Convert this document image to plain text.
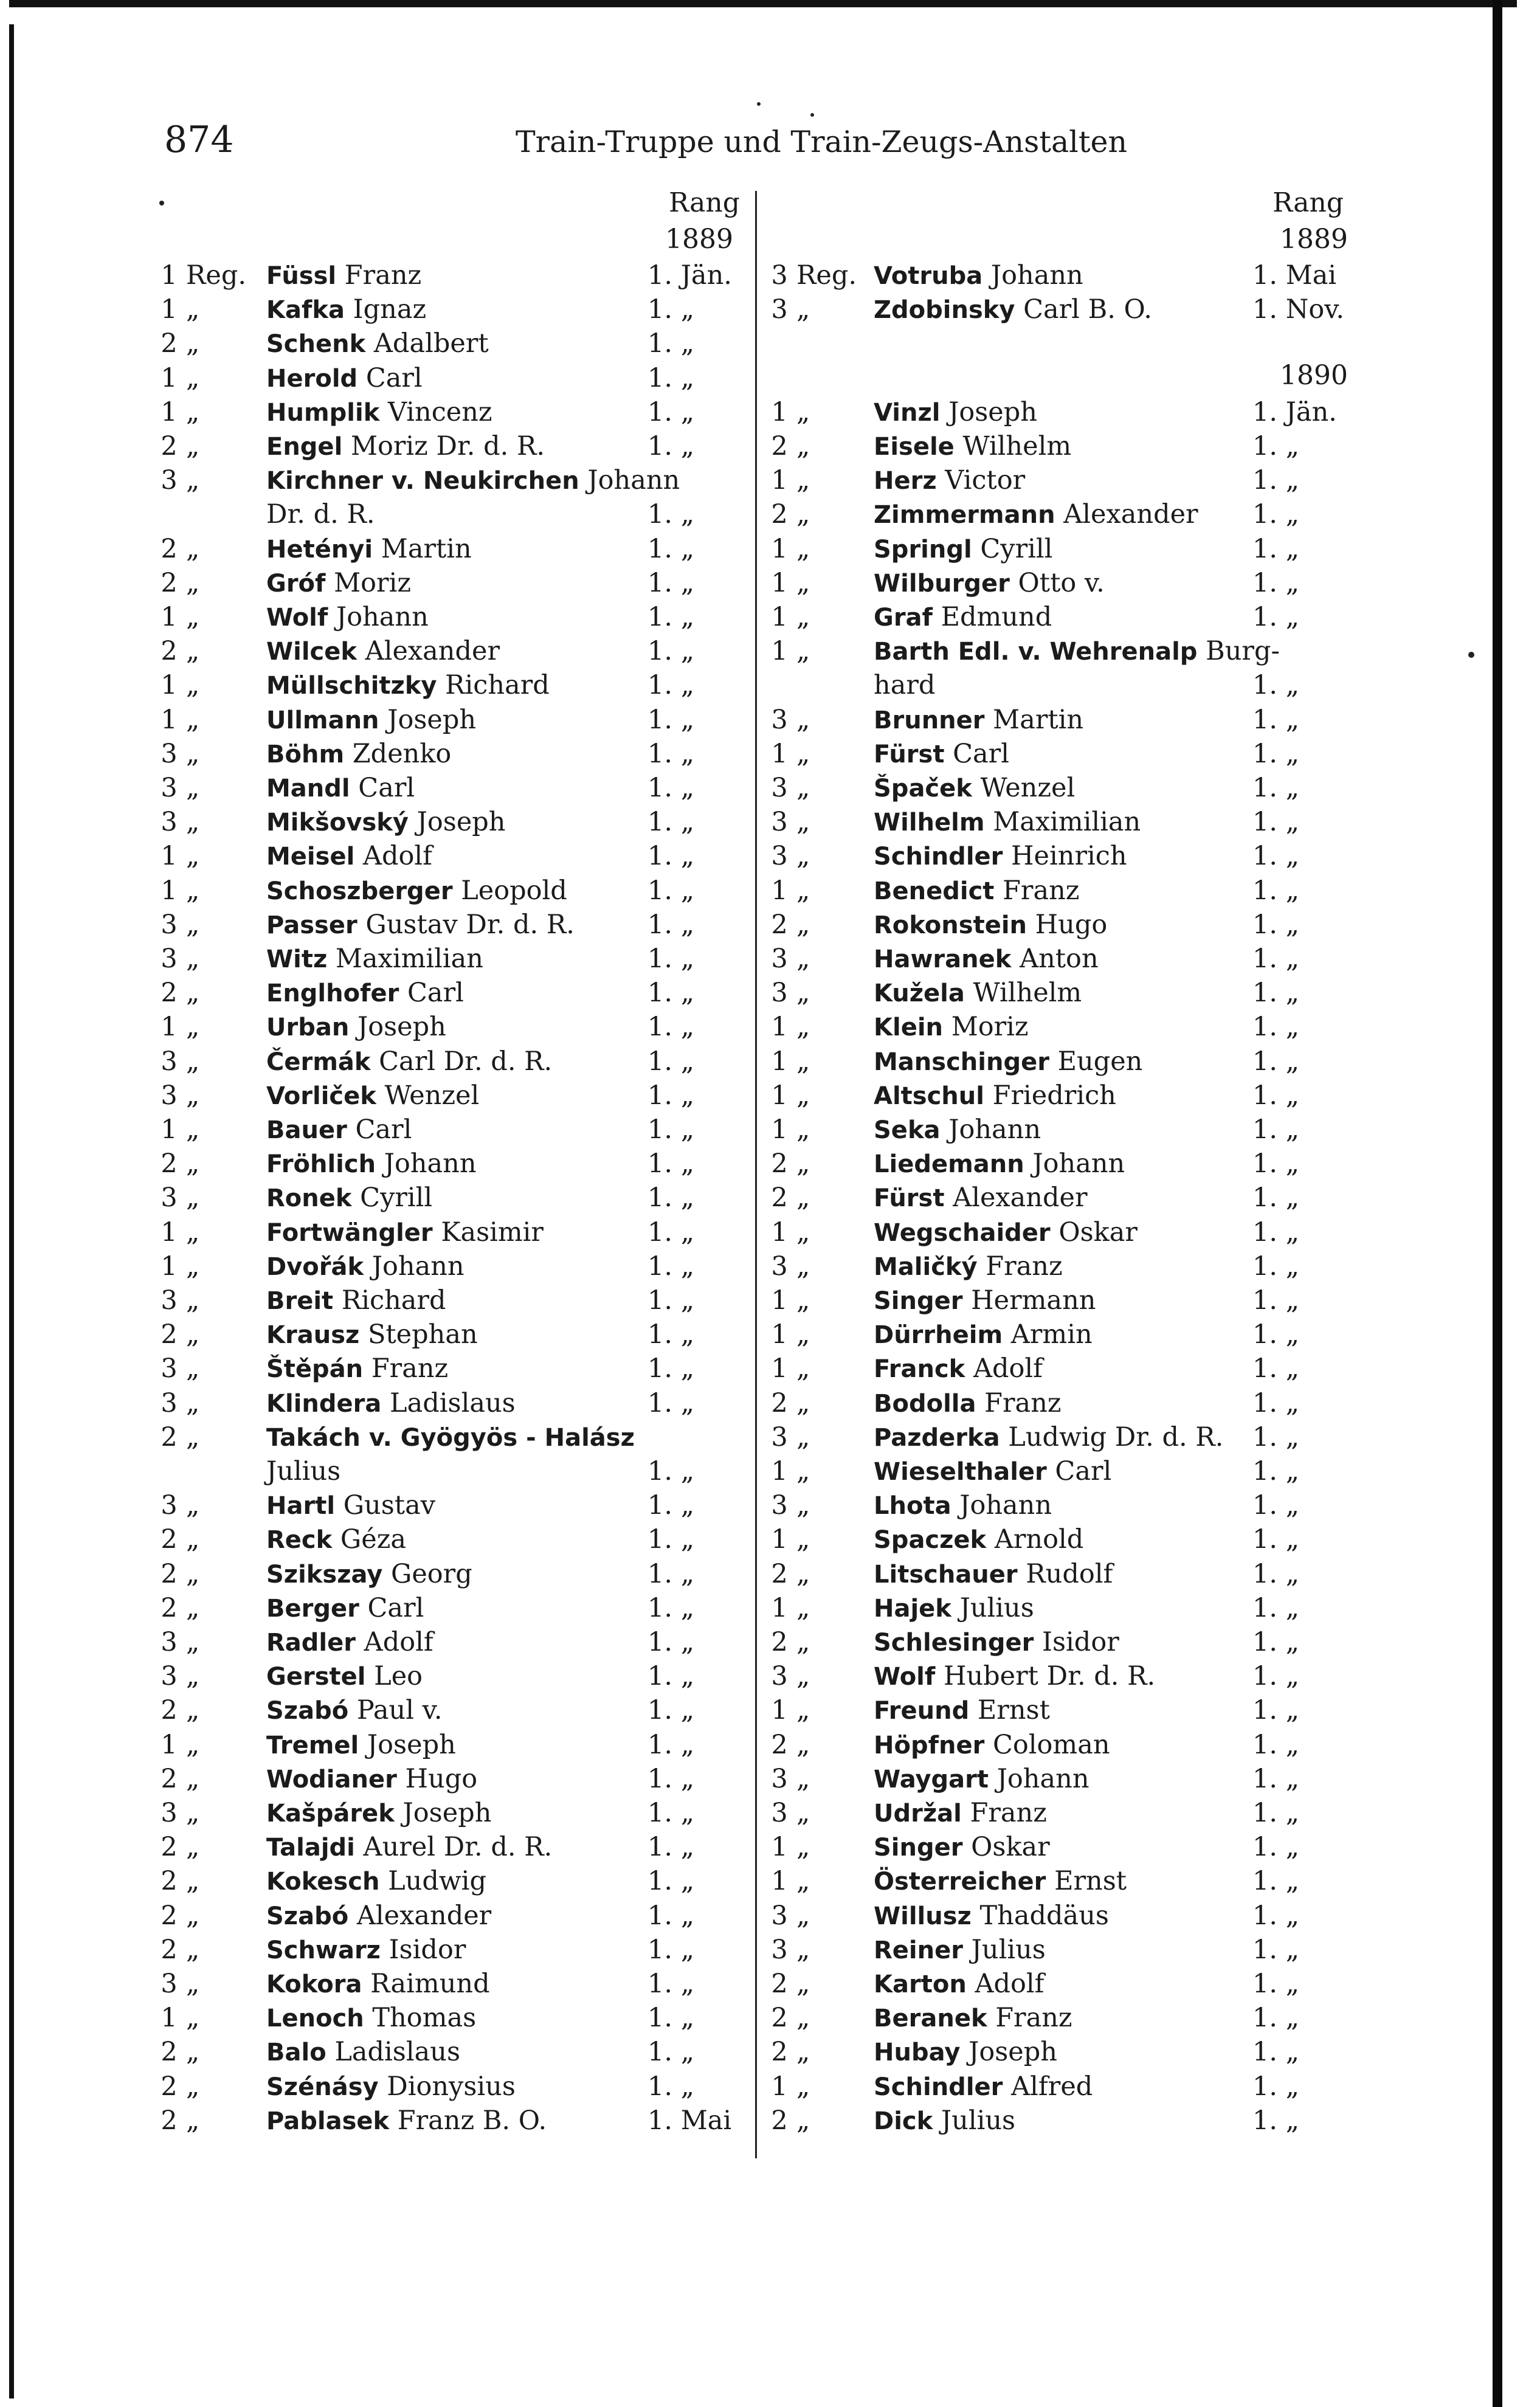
874	Train-Truppe und Train-Zeugs-Anstalten
Rang
1889
Rang
1889
1890
1 Reg. Füssl Franz	1. Jän.
1 „	Kafka Ignaz	1. „
2 „	Schenk Adalbert	1. „
1 „	Herold Carl	1. „
1 „	Humplik Vincenz	1. „
2 „	Engel Moriz Dr. d. R.	1. „
3 „	Kirchner v. Neukirchen Johann
Dr. d. R.	1. „
2 „	Hetényi Martin	1. „
2 „	Gróf Moriz	1. „
1 „	Wolf Johann	1. „
2 „	Wilcek Alexander	1. „
1 „	Müllschitzky Richard	1. „
1 „	Ullmann Joseph	1. „
3 „	Böhm Zdenko	1. „
3 „	Mandl Carl	1. „
3 „	Mikšovský Joseph	1. „
1 „	Meisel Adolf	1. „
1 „	Schoszberger Leopold	1. „
3 „	Passer Gustav Dr. d. R.	1. „
3 „	Witz Maximilian	1. „
2 „	Englhofer Carl	1. „
1 „	Urban Joseph	1. „
3 „	Čermák Carl Dr. d. R.	1. „
3 „	Vorliček Wenzel	1. „
1 „	Bauer Carl	1. „
2 „	Fröhlich Johann	1. „
3 „	Ronek Cyrill	1. „
1 „	Fortwängler Kasimir	1. „
1 „	Dvořák Johann	1. „
3 „	Breit Richard	1. „
2 „	Krausz Stephan	1. „
3 „	Štěpán Franz	1. „
3 „	Klindera Ladislaus	1. „
2 „	Takách v. Gyögyös - Halász
Julius	1. „
3 „	Hartl Gustav	1. „
2 „	Reck Géza	1. „
2 „	Szikszay Georg	1. „
2 „	Berger Carl	1. „
3 „	Radler Adolf	1. „
3 „	Gerstel Leo	1. „
2 „	Szabó Paul v.	1. „
1 „	Tremel Joseph	1. „
2 „	Wodianer Hugo	1. „
3 „	Kašpárek Joseph	1. „
2 „	Talajdi Aurel Dr. d. R.	1. „
2 „	Kokesch Ludwig	1. „
2 „	Szabó Alexander	1. „
2 „	Schwarz Isidor	1. „
3 „	Kokora Raimund	1. „
1 „	Lenoch Thomas	1. „
2 „	Balo Ladislaus	1. „
2 „	Szénásy Dionysius	1. „
2 „	Pablasek Franz B. O.	1. Mai
3 Reg. Votruba Johann	1. Mai
3 „	Zdobinsky Carl B. O.	1. Nov.
1 „	Vinzl Joseph	1. Jän.
2 „	Eisele Wilhelm	1. „
1 „	Herz Victor	1. „
2 „	Zimmermann Alexander 1. „
1 „	Springl Cyrill	1. „
1 „	Wilburger Otto v.	1. „
1 „	Graf Edmund	1. „
1 „	Barth Edl. v. Wehrenalp Burg-
hard	1. „
3 „	Brunner Martin	1. „
1 „	Fürst Carl	1. „
3 „	Špaček Wenzel	1. „
3 „	Wilhelm Maximilian	1. „
3 „	Schindler Heinrich	1. „
1 „	Benedict Franz	1. „
2 „	Rokonstein Hugo	1. „
3 „	Hawranek Anton	1. „
3 „	Kužela Wilhelm	1. „
1 „	Klein Moriz	1. „
1 „	Manschinger Eugen	1. „
1 „	Altschul Friedrich	1. „
1 „	Seka Johann	1. „
2 „	Liedemann Johann	1. „
2 „	Fürst Alexander	1. „
1 „	Wegschaider Oskar	1. „
3 „	Maličký Franz	1. „
1 „	Singer Hermann	1. „
1 „	Dürrheim Armin	1. „
1 „	Franck Adolf	1. „
2 „	Bodolla Franz	1. „
3 „	Pazderka Ludwig Dr. d. R. 1. „
1 „	Wieselthaler Carl	1. „
3 „	Lhota Johann	1. „
1 „	Spaczek Arnold	1. „
2 „	Litschauer Rudolf	1. „
1 „	Hajek Julius	1. „
2 „	Schlesinger Isidor	1. „
3 „	Wolf Hubert Dr. d. R.	1. „
1 „	Freund Ernst	1. „
2 „	Höpfner Coloman	1. „
3 „	Waygart Johann	1. „
3 „	Udržal Franz	1. „
1 „	Singer Oskar	1. „
1 „	Österreicher Ernst	1. „
3 „	Willusz Thaddäus	1. „
3 „	Reiner Julius	1. „
2 „	Karton Adolf	1. „
2 „	Beranek Franz	1. „
2 „	Hubay Joseph	1. „
1 „	Schindler Alfred	1. „
2 „	Dick Julius	1. „
